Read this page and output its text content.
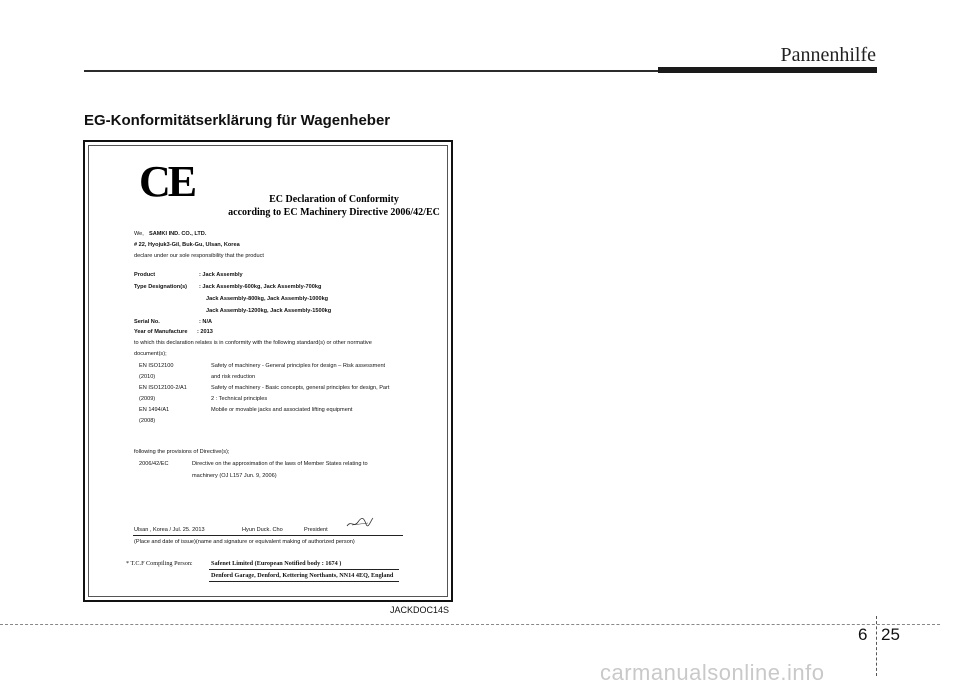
Pannenhilfe
EG-Konformitätserklärung für Wagenheber
CE	EC Declaration of Conformity
according to EC Machinery Directive 2006/42/EC
We, SAMKI IND. CO., LTD.
# 22, Hyojuk3-Gil, Buk-Gu, Ulsan, Korea
declare under our sole responsibility that the product
Product	: Jack Assembly
Type Designation(s) : Jack Assembly-600kg, Jack Assembly-700kg
Jack Assembly-800kg, Jack Assembly-1000kg
Jack Assembly-1200kg, Jack Assembly-1500kg
Serial No.	: N/A
Year of Manufacture : 2013
to which this declaration relates is in conformity with the following standard(s) or other normative
document(s);
EN ISO12100	Safety of machinery - General principles for design – Risk assessment
(2010)	and risk reduction
EN ISO12100-2/A1	Safety of machinery - Basic concepts, general principles for design, Part
(2009)	2 : Technical principles
EN 1494/A1	Mobile or movable jacks and associated lifting equipment
(2008)
following the provisions of Directive(s);
2006/42/EC	Directive on the approximation of the laws of Member States relating to
machinery (OJ L157 Jun. 9, 2006)
Ulsan , Korea / Jul. 25. 2013	Hyun Duck. Cho	President
(Place and date of issue)(name and signature or equivalent making of authorized person)
* T.C.F Compiling Person:	Safenet Limited (European Notified body : 1674 )
Denford Garage, Denford, Kettering Northants, NN14 4EQ, England
JACKDOC14S
6 25
carmanualsonline.info
